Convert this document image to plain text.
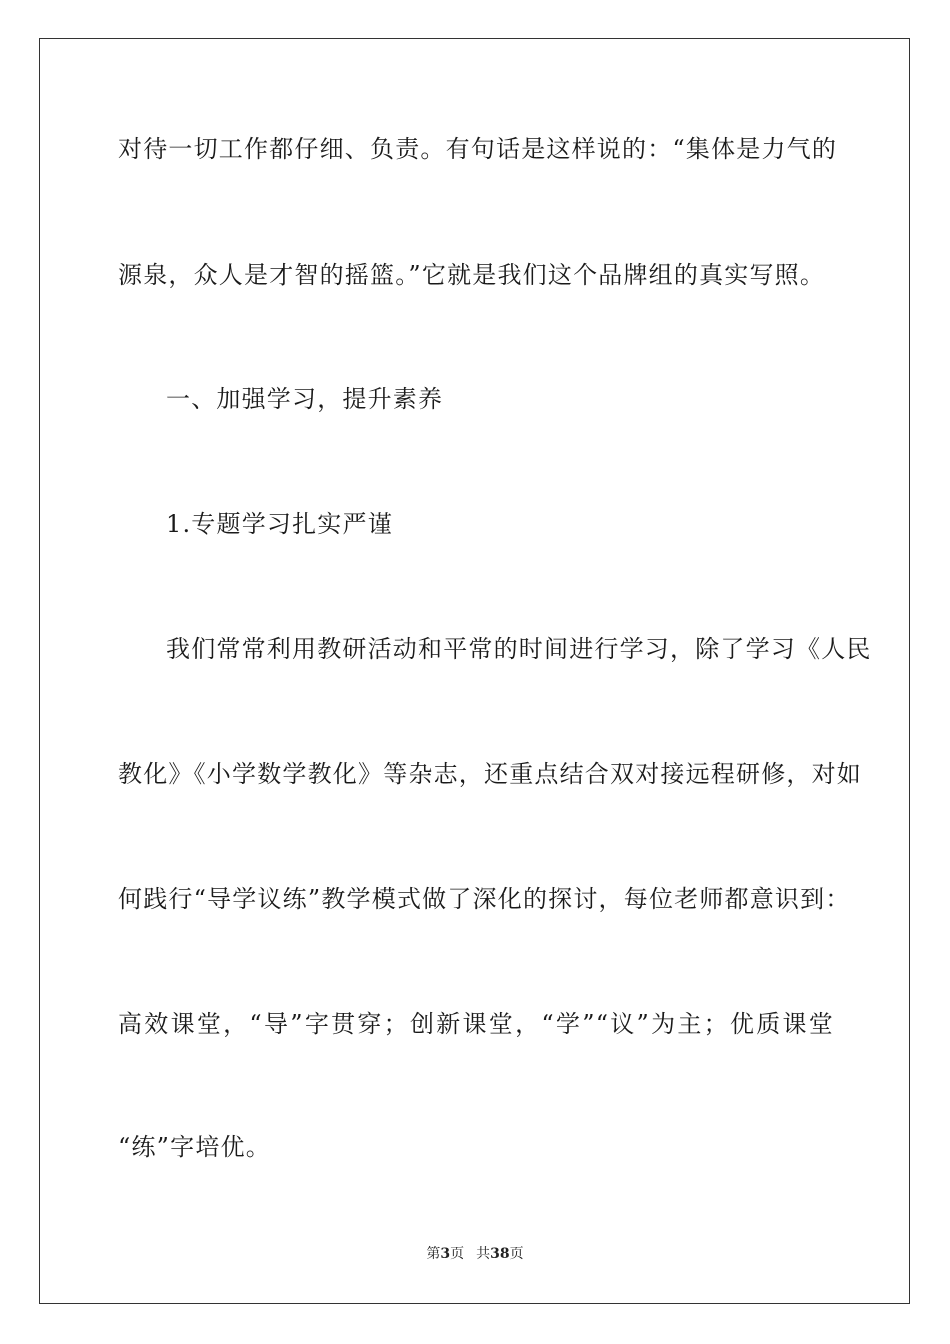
对待一切工作都仔细、负责。有句话是这样说的：“集体是力气的
源泉，众人是才智的摇篮。”它就是我们这个品牌组的真实写照。
一、加强学习，提升素养
1.专题学习扎实严谨
我们常常利用教研活动和平常的时间进行学习，除了学习《人民
教化》《小学数学教化》等杂志，还重点结合双对接远程研修，对如
何践行“导学议练”教学模式做了深化的探讨，每位老师都意识到：
高效课堂，“导”字贯穿；创新课堂，“学”“议”为主；优质课堂
“练”字培优。
第3页 共38页
